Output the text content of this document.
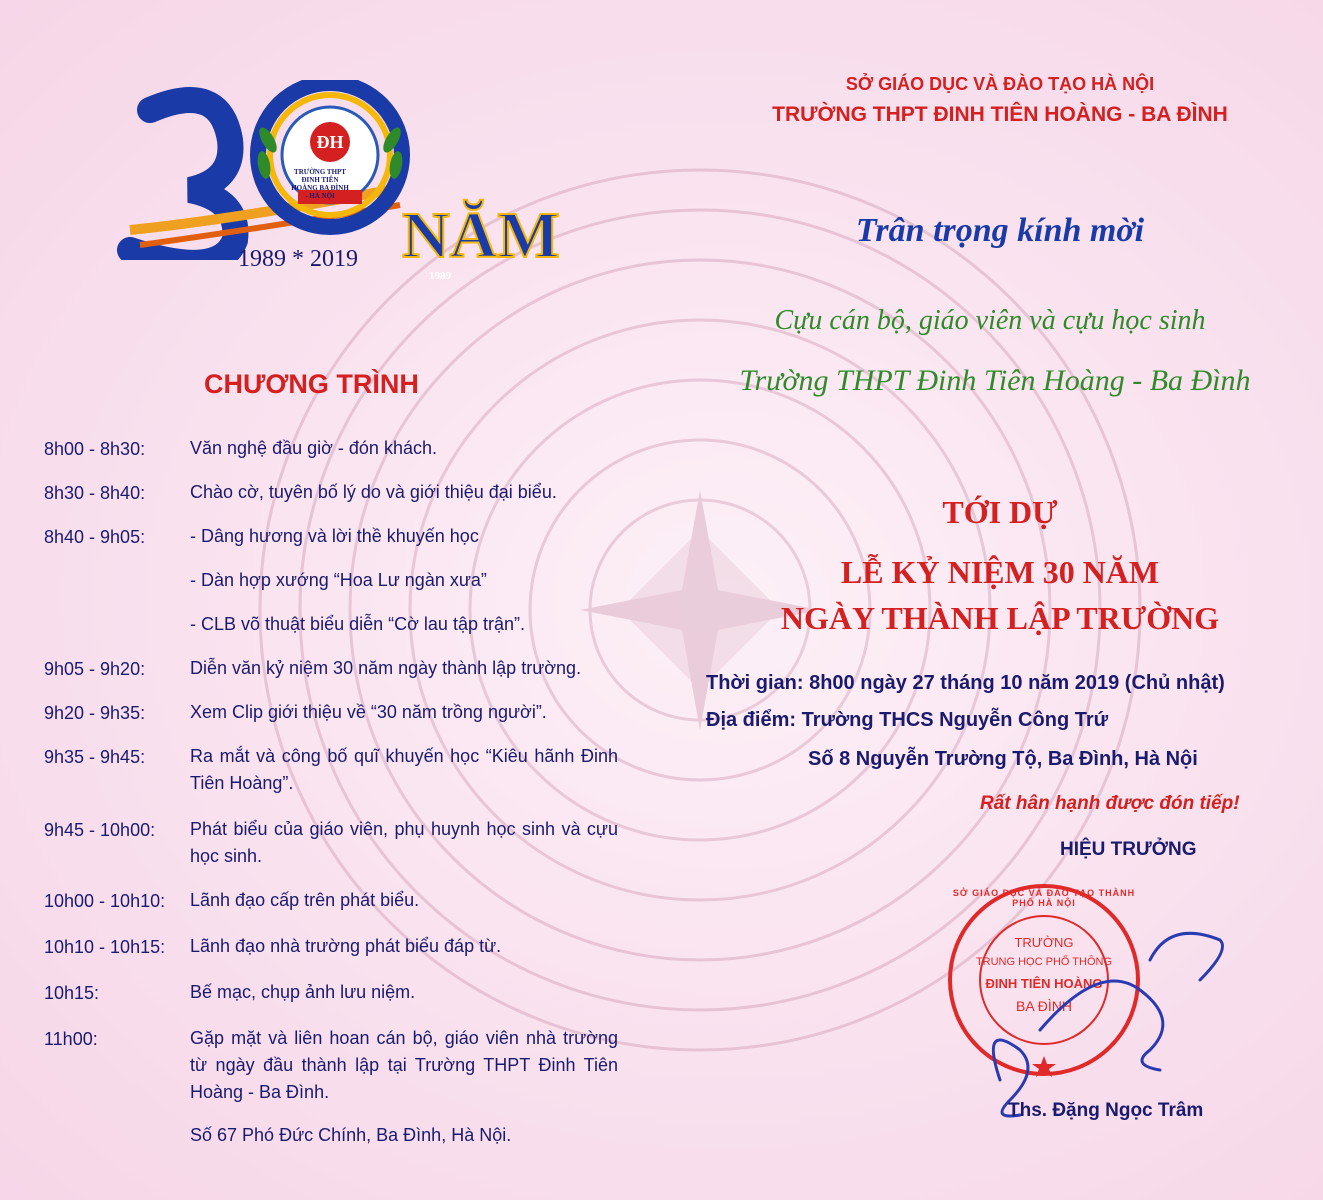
ĐH
TRƯỜNG THPT ĐINH TIÊN HOÀNG BA ĐÌNH - HÀ NỘI
1989
1989 * 2019 NĂM
SỞ GIÁO DỤC VÀ ĐÀO TẠO HÀ NỘI
TRƯỜNG THPT ĐINH TIÊN HOÀNG - BA ĐÌNH
Trân trọng kính mời
Cựu cán bộ, giáo viên và cựu học sinh
Trường THPT Đinh Tiên Hoàng - Ba Đình
TỚI DỰ
LỄ KỶ NIỆM 30 NĂM
NGÀY THÀNH LẬP TRƯỜNG
Thời gian: 8h00 ngày 27 tháng 10 năm 2019 (Chủ nhật)
Địa điểm: Trường THCS Nguyễn Công Trứ
Số 8 Nguyễn Trường Tộ, Ba Đình, Hà Nội
Rất hân hạnh được đón tiếp!
HIỆU TRƯỞNG
SỞ GIÁO DỤC VÀ ĐÀO TẠO THÀNH PHỐ HÀ NỘI
TRƯỜNG
TRUNG HỌC PHỔ THÔNG
ĐINH TIÊN HOÀNG
BA ĐÌNH
Ths. Đặng Ngọc Trâm
CHƯƠNG TRÌNH
8h00 - 8h30: Văn nghệ đầu giờ - đón khách.
8h30 - 8h40: Chào cờ, tuyên bố lý do và giới thiệu đại biểu.
8h40 - 9h05: - Dâng hương và lời thề khuyến học
- Dàn hợp xướng “Hoa Lư ngàn xưa”
- CLB võ thuật biểu diễn “Cờ lau tập trận”.
9h05 - 9h20: Diễn văn kỷ niệm 30 năm ngày thành lập trường.
9h20 - 9h35: Xem Clip giới thiệu về “30 năm trồng người”.
9h35 - 9h45: Ra mắt và công bố quĩ khuyến học “Kiêu hãnh Đinh Tiên Hoàng”.
9h45 - 10h00: Phát biểu của giáo viên, phụ huynh học sinh và cựu học sinh.
10h00 - 10h10: Lãnh đạo cấp trên phát biểu.
10h10 - 10h15: Lãnh đạo nhà trường phát biểu đáp từ.
10h15:	Bế mạc, chụp ảnh lưu niệm.
11h00:	Gặp mặt và liên hoan cán bộ, giáo viên nhà trường từ ngày đầu thành lập tại Trường THPT Đinh Tiên Hoàng - Ba Đình.
Số 67 Phó Đức Chính, Ba Đình, Hà Nội.
